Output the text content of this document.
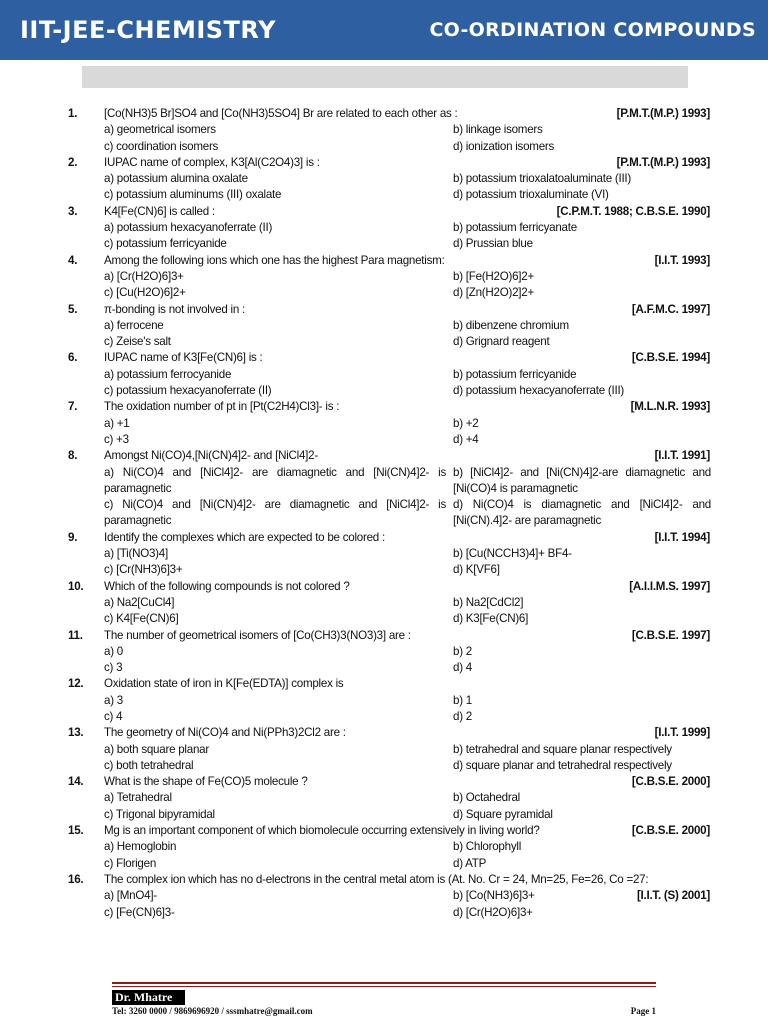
IIT-JEE-CHEMISTRY	CO-ORDINATION COMPOUNDS
1. [Co(NH3)5 Br]SO4 and [Co(NH3)5SO4] Br are related to each other as :	[P.M.T.(M.P.) 1993]
a) geometrical isomers	b) linkage isomers
c) coordination isomers	d) ionization isomers
2. IUPAC name of complex, K3[Al(C2O4)3] is :	[P.M.T.(M.P.) 1993]
a) potassium alumina oxalate	b) potassium trioxalatoaluminate (III)
c) potassium aluminums (III) oxalate	d) potassium trioxaluminate (VI)
3. K4[Fe(CN)6] is called :	[C.P.M.T. 1988; C.B.S.E. 1990]
a) potassium hexacyanoferrate (II)	b) potassium ferricyanate
c) potassium ferricyanide	d) Prussian blue
4. Among the following ions which one has the highest Para magnetism:	[I.I.T. 1993]
a) [Cr(H2O)6]3+	b) [Fe(H2O)6]2+
c) [Cu(H2O)6]2+	d) [Zn(H2O)2]2+
5. π-bonding is not involved in :	[A.F.M.C. 1997]
a) ferrocene	b) dibenzene chromium
c) Zeise's salt	d) Grignard reagent
6. IUPAC name of K3[Fe(CN)6] is :	[C.B.S.E. 1994]
a) potassium ferrocyanide	b) potassium ferricyanide
c) potassium hexacyanoferrate (II)	d) potassium hexacyanoferrate (III)
7. The oxidation number of pt in [Pt(C2H4)Cl3]- is :	[M.L.N.R. 1993]
a) +1	b) +2
c) +3	d) +4
8. Amongst Ni(CO)4,[Ni(CN)4]2- and [NiCl4]2-	[I.I.T. 1991]
a) Ni(CO)4 and [NiCl4]2- are diamagnetic and [Ni(CN)4]2- is paramagnetic
b) [NiCl4]2- and [Ni(CN)4]2-are diamagnetic and [Ni(CO)4 is paramagnetic
c) Ni(CO)4 and [Ni(CN)4]2- are diamagnetic and [NiCl4]2- is paramagnetic
d) Ni(CO)4 is diamagnetic and [NiCl4]2- and [Ni(CN).4]2- are paramagnetic
9. Identify the complexes which are expected to be colored :	[I.I.T. 1994]
a) [Ti(NO3)4]	b) [Cu(NCCH3)4]+ BF4-
c) [Cr(NH3)6]3+	d) K[VF6]
10. Which of the following compounds is not colored ?	[A.I.I.M.S. 1997]
a) Na2[CuCl4]	b) Na2[CdCl2]
c) K4[Fe(CN)6]	d) K3[Fe(CN)6]
11. The number of geometrical isomers of [Co(CH3)3(NO3)3] are :	[C.B.S.E. 1997]
a) 0	b) 2
c) 3	d) 4
12. Oxidation state of iron in K[Fe(EDTA)] complex is
a) 3	b) 1
c) 4	d) 2
13. The geometry of Ni(CO)4 and Ni(PPh3)2Cl2 are :	[I.I.T. 1999]
a) both square planar	b) tetrahedral and square planar respectively
c) both tetrahedral	d) square planar and tetrahedral respectively
14. What is the shape of Fe(CO)5 molecule ?	[C.B.S.E. 2000]
a) Tetrahedral	b) Octahedral
c) Trigonal bipyramidal	d) Square pyramidal
15. Mg is an important component of which biomolecule occurring extensively in living world?	[C.B.S.E. 2000]
a) Hemoglobin	b) Chlorophyll
c) Florigen	d) ATP
16. The complex ion which has no d-electrons in the central metal atom is (At. No. Cr = 24, Mn=25, Fe=26, Co =27:
a) [MnO4]-	b) [Co(NH3)6]3+	[I.I.T. (S) 2001]
c) [Fe(CN)6]3-	d) [Cr(H2O)6]3+
Dr. Mhatre
Tel: 3260 0000 / 9869696920 / sssmhatre@gmail.com	Page 1
